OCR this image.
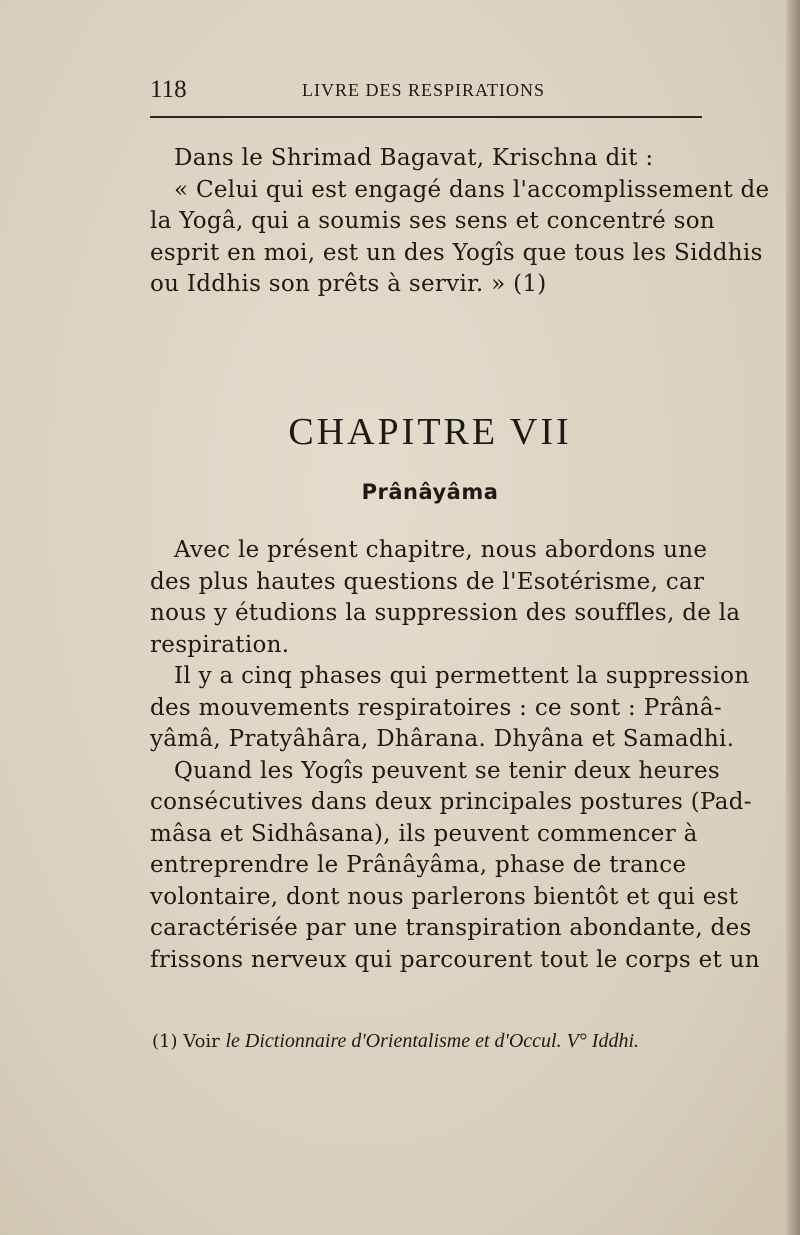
118	LIVRE DES RESPIRATIONS
Dans le Shrimad Bagavat, Krischna dit :
« Celui qui est engagé dans l'accomplissement de
la Yogâ, qui a soumis ses sens et concentré son
esprit en moi, est un des Yogîs que tous les Siddhis
ou Iddhis son prêts à servir. » (1)
CHAPITRE VII
Prânâyâma
Avec le présent chapitre, nous abordons une
des plus hautes questions de l'Esotérisme, car
nous y étudions la suppression des souffles, de la
respiration.
Il y a cinq phases qui permettent la suppression
des mouvements respiratoires : ce sont : Prânâ-
yâmâ, Pratyâhâra, Dhârana. Dhyâna et Samadhi.
Quand les Yogîs peuvent se tenir deux heures
consécutives dans deux principales postures (Pad-
mâsa et Sidhâsana), ils peuvent commencer à
entreprendre le Prânâyâma, phase de trance
volontaire, dont nous parlerons bientôt et qui est
caractérisée par une transpiration abondante, des
frissons nerveux qui parcourent tout le corps et un
(1) Voir le Dictionnaire d'Orientalisme et d'Occul. V° Iddhi.
